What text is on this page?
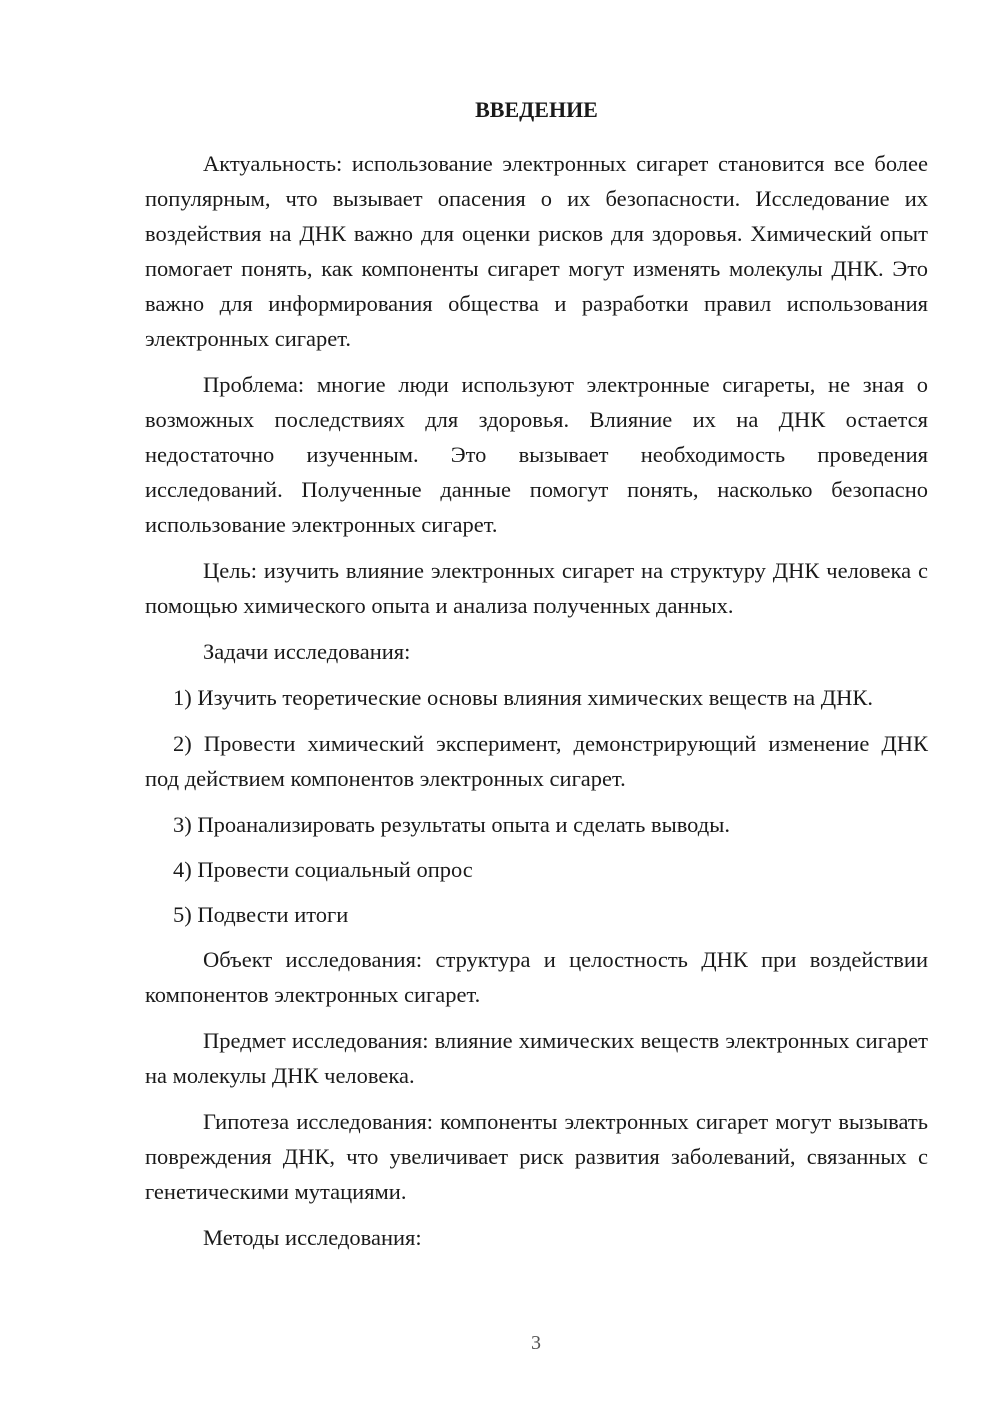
ВВЕДЕНИЕ

Актуальность: использование электронных сигарет становится все более популярным, что вызывает опасения о их безопасности. Исследование их воздействия на ДНК важно для оценки рисков для здоровья. Химический опыт помогает понять, как компоненты сигарет могут изменять молекулы ДНК. Это важно для информирования общества и разработки правил использования электронных сигарет.

Проблема: многие люди используют электронные сигареты, не зная о возможных последствиях для здоровья. Влияние их на ДНК остается недостаточно изученным. Это вызывает необходимость проведения исследований. Полученные данные помогут понять, насколько безопасно использование электронных сигарет.

Цель: изучить влияние электронных сигарет на структуру ДНК человека с помощью химического опыта и анализа полученных данных.

Задачи исследования:

1) Изучить теоретические основы влияния химических веществ на ДНК.

2) Провести химический эксперимент, демонстрирующий изменение ДНК под действием компонентов электронных сигарет.

3) Проанализировать результаты опыта и сделать выводы.

4) Провести социальный опрос

5) Подвести итоги

Объект исследования: структура и целостность ДНК при воздействии компонентов электронных сигарет.

Предмет исследования: влияние химических веществ электронных сигарет на молекулы ДНК человека.

Гипотеза исследования: компоненты электронных сигарет могут вызывать повреждения ДНК, что увеличивает риск развития заболеваний, связанных с генетическими мутациями.

Методы исследования:

3
